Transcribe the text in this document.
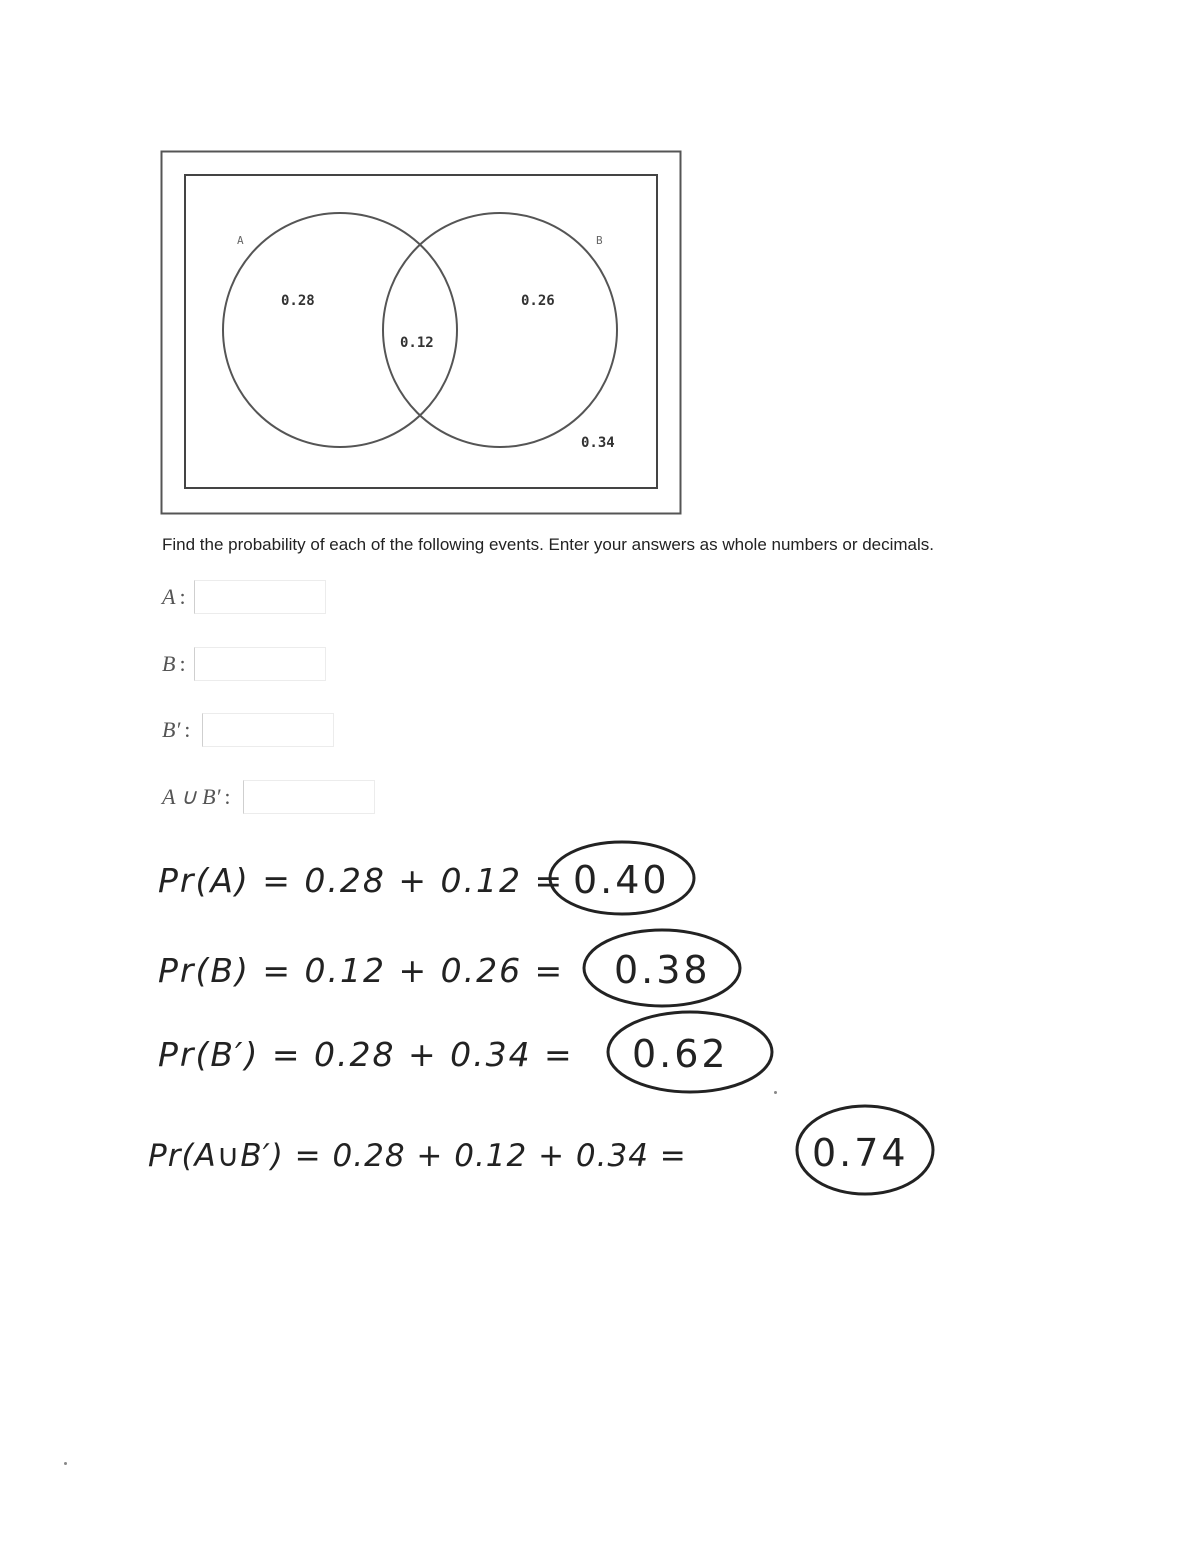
A	B
0.28
0.12
0.26
0.34
Find the probability of each of the following events. Enter your answers as whole numbers or decimals.
A :
B :
B′ :
A ∪ B′ :
Pr(A) = 0.28 + 0.12 = 0.40
Pr(B) = 0.12 + 0.26 = 0.38
Pr(B′) = 0.28 + 0.34 = 0.62
Pr(A∪B′) = 0.28 + 0.12 + 0.34 =	0.74
